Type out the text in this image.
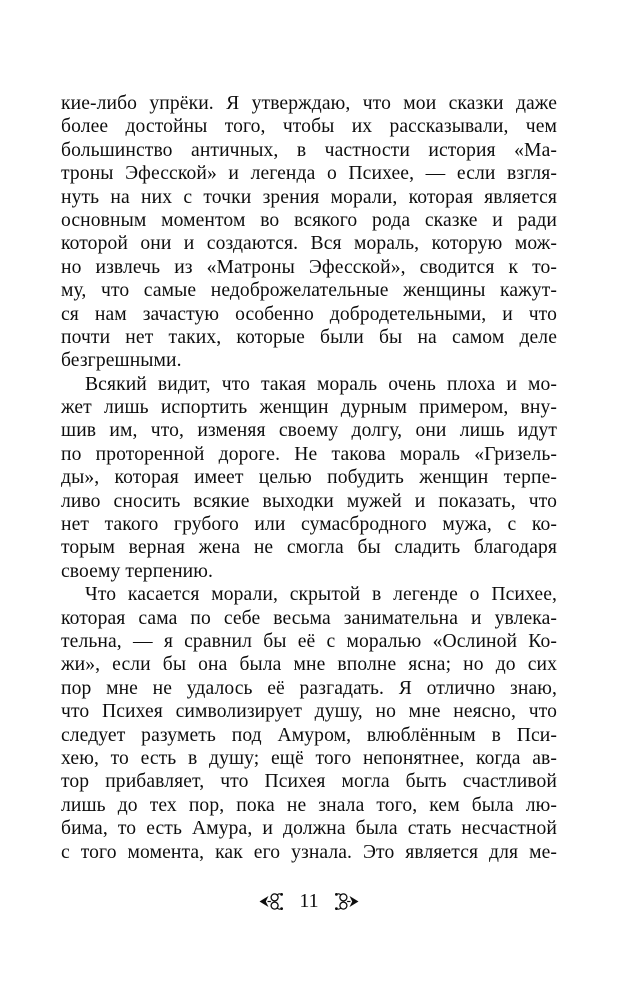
кие-либо упрёки. Я утверждаю, что мои сказки даже
более достойны того, чтобы их рассказывали, чем
большинство античных, в частности история «Ма-
троны Эфесской» и легенда о Психее, — если взгля-
нуть на них с точки зрения морали, которая является
основным моментом во всякого рода сказке и ради
которой они и создаются. Вся мораль, которую мож-
но извлечь из «Матроны Эфесской», сводится к то-
му, что самые недоброжелательные женщины кажут-
ся нам зачастую особенно добродетельными, и что
почти нет таких, которые были бы на самом деле
безгрешными.
Всякий видит, что такая мораль очень плоха и мо-
жет лишь испортить женщин дурным примером, вну-
шив им, что, изменяя своему долгу, они лишь идут
по проторенной дороге. Не такова мораль «Гризель-
ды», которая имеет целью побудить женщин терпе-
ливо сносить всякие выходки мужей и показать, что
нет такого грубого или сумасбродного мужа, с ко-
торым верная жена не смогла бы сладить благодаря
своему терпению.
Что касается морали, скрытой в легенде о Психее,
которая сама по себе весьма занимательна и увлека-
тельна, — я сравнил бы её с моралью «Ослиной Ко-
жи», если бы она была мне вполне ясна; но до сих
пор мне не удалось её разгадать. Я отлично знаю,
что Психея символизирует душу, но мне неясно, что
следует разуметь под Амуром, влюблённым в Пси-
хею, то есть в душу; ещё того непонятнее, когда ав-
тор прибавляет, что Психея могла быть счастливой
лишь до тех пор, пока не знала того, кем была лю-
бима, то есть Амура, и должна была стать несчастной
с того момента, как его узнала. Это является для ме-
11
